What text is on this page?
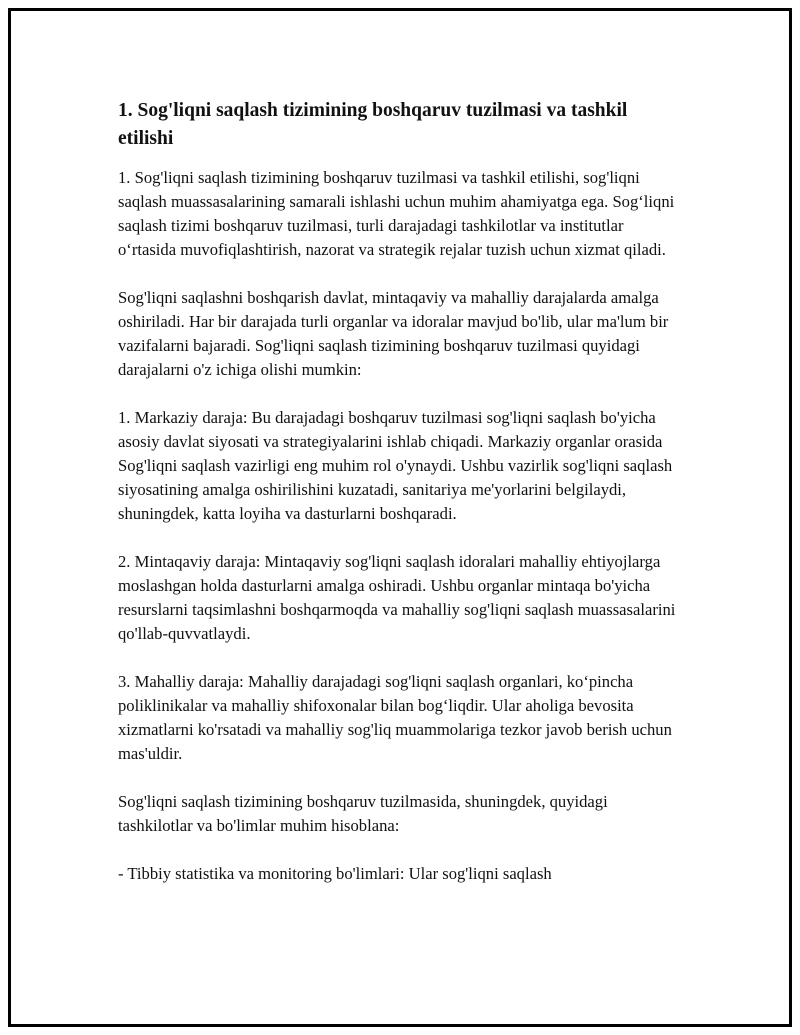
1. Sog'liqni saqlash tizimining boshqaruv tuzilmasi va tashkil etilishi

1. Sog'liqni saqlash tizimining boshqaruv tuzilmasi va tashkil etilishi, sog'liqni saqlash muassasalarining samarali ishlashi uchun muhim ahamiyatga ega. Sog‘liqni saqlash tizimi boshqaruv tuzilmasi, turli darajadagi tashkilotlar va institutlar o‘rtasida muvofiqlashtirish, nazorat va strategik rejalar tuzish uchun xizmat qiladi.

Sog'liqni saqlashni boshqarish davlat, mintaqaviy va mahalliy darajalarda amalga oshiriladi. Har bir darajada turli organlar va idoralar mavjud bo'lib, ular ma'lum bir vazifalarni bajaradi. Sog'liqni saqlash tizimining boshqaruv tuzilmasi quyidagi darajalarni o'z ichiga olishi mumkin:

1. Markaziy daraja: Bu darajadagi boshqaruv tuzilmasi sog'liqni saqlash bo'yicha asosiy davlat siyosati va strategiyalarini ishlab chiqadi. Markaziy organlar orasida Sog'liqni saqlash vazirligi eng muhim rol o'ynaydi. Ushbu vazirlik sog'liqni saqlash siyosatining amalga oshirilishini kuzatadi, sanitariya me'yorlarini belgilaydi, shuningdek, katta loyiha va dasturlarni boshqaradi.

2. Mintaqaviy daraja: Mintaqaviy sog'liqni saqlash idoralari mahalliy ehtiyojlarga moslashgan holda dasturlarni amalga oshiradi. Ushbu organlar mintaqa bo'yicha resurslarni taqsimlashni boshqarmoqda va mahalliy sog'liqni saqlash muassasalarini qo'llab-quvvatlaydi.

3. Mahalliy daraja: Mahalliy darajadagi sog'liqni saqlash organlari, ko‘pincha poliklinikalar va mahalliy shifoxonalar bilan bog‘liqdir. Ular aholiga bevosita xizmatlarni ko'rsatadi va mahalliy sog'liq muammolariga tezkor javob berish uchun mas'uldir.

Sog'liqni saqlash tizimining boshqaruv tuzilmasida, shuningdek, quyidagi tashkilotlar va bo'limlar muhim hisoblana:

- Tibbiy statistika va monitoring bo'limlari: Ular sog'liqni saqlash
